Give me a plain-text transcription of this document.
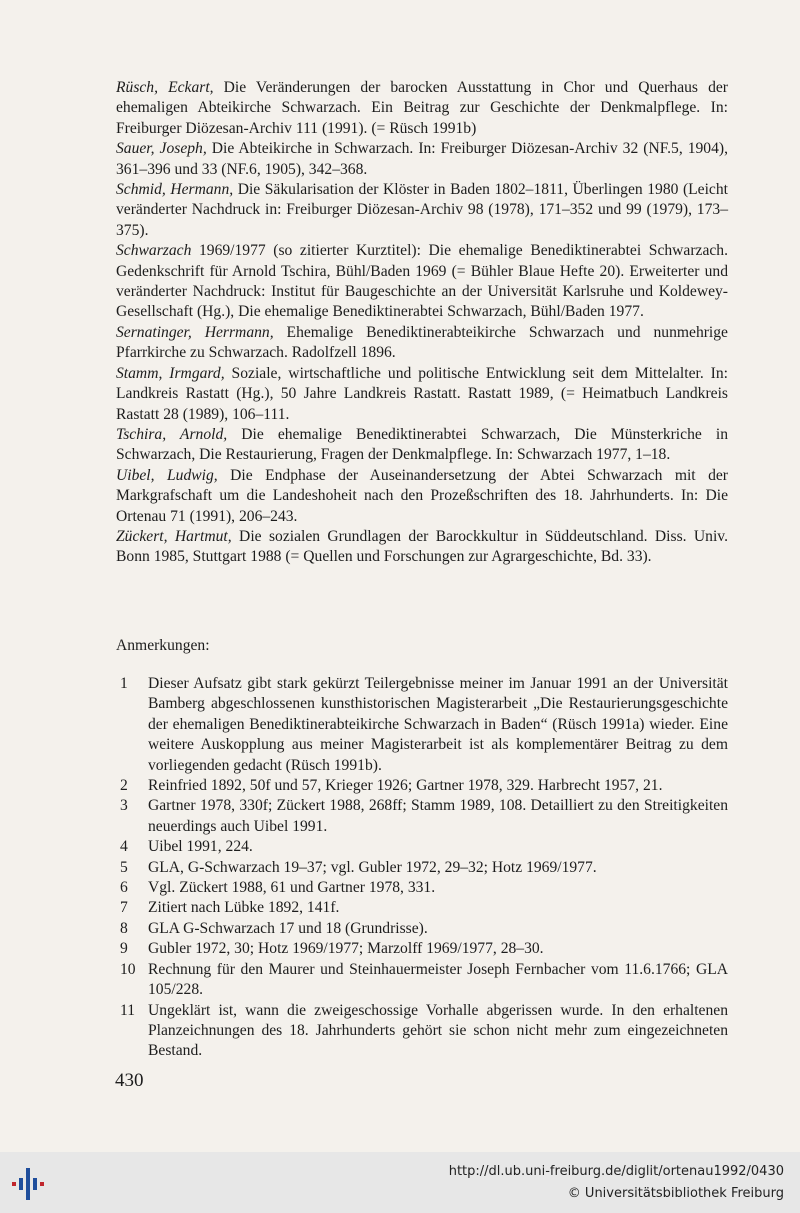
Rüsch, Eckart, Die Veränderungen der barocken Ausstattung in Chor und Querhaus der ehemaligen Abteikirche Schwarzach. Ein Beitrag zur Geschichte der Denkmalpflege. In: Freiburger Diözesan-Archiv 111 (1991). (= Rüsch 1991b)

Sauer, Joseph, Die Abteikirche in Schwarzach. In: Freiburger Diözesan-Archiv 32 (NF.5, 1904), 361–396 und 33 (NF.6, 1905), 342–368.

Schmid, Hermann, Die Säkularisation der Klöster in Baden 1802–1811, Überlingen 1980 (Leicht veränderter Nachdruck in: Freiburger Diözesan-Archiv 98 (1978), 171–352 und 99 (1979), 173–375).

Schwarzach 1969/1977 (so zitierter Kurztitel): Die ehemalige Benediktinerabtei Schwarzach. Gedenkschrift für Arnold Tschira, Bühl/Baden 1969 (= Bühler Blaue Hefte 20). Erweiterter und veränderter Nachdruck: Institut für Baugeschichte an der Universität Karlsruhe und Koldewey-Gesellschaft (Hg.), Die ehemalige Benediktinerabtei Schwarzach, Bühl/Baden 1977.

Sernatinger, Herrmann, Ehemalige Benediktinerabteikirche Schwarzach und nunmehrige Pfarrkirche zu Schwarzach. Radolfzell 1896.

Stamm, Irmgard, Soziale, wirtschaftliche und politische Entwicklung seit dem Mittelalter. In: Landkreis Rastatt (Hg.), 50 Jahre Landkreis Rastatt. Rastatt 1989, (= Heimatbuch Landkreis Rastatt 28 (1989), 106–111.

Tschira, Arnold, Die ehemalige Benediktinerabtei Schwarzach, Die Münsterkriche in Schwarzach, Die Restaurierung, Fragen der Denkmalpflege. In: Schwarzach 1977, 1–18.

Uibel, Ludwig, Die Endphase der Auseinandersetzung der Abtei Schwarzach mit der Markgrafschaft um die Landeshoheit nach den Prozeßschriften des 18. Jahrhunderts. In: Die Ortenau 71 (1991), 206–243.

Zückert, Hartmut, Die sozialen Grundlagen der Barockkultur in Süddeutschland. Diss. Univ. Bonn 1985, Stuttgart 1988 (= Quellen und Forschungen zur Agrargeschichte, Bd. 33).

Anmerkungen:
1	Dieser Aufsatz gibt stark gekürzt Teilergebnisse meiner im Januar 1991 an der Universität Bamberg abgeschlossenen kunsthistorischen Magisterarbeit „Die Restaurierungsgeschichte der ehemaligen Benediktinerabteikirche Schwarzach in Baden“ (Rüsch 1991a) wieder. Eine weitere Auskopplung aus meiner Magisterarbeit ist als komplementärer Beitrag zu dem vorliegenden gedacht (Rüsch 1991b).
2	Reinfried 1892, 50f und 57, Krieger 1926; Gartner 1978, 329. Harbrecht 1957, 21.
3	Gartner 1978, 330f; Zückert 1988, 268ff; Stamm 1989, 108. Detailliert zu den Streitigkeiten neuerdings auch Uibel 1991.
4	Uibel 1991, 224.
5	GLA, G-Schwarzach 19–37; vgl. Gubler 1972, 29–32; Hotz 1969/1977.
6	Vgl. Zückert 1988, 61 und Gartner 1978, 331.
7	Zitiert nach Lübke 1892, 141f.
8	GLA G-Schwarzach 17 und 18 (Grundrisse).
9	Gubler 1972, 30; Hotz 1969/1977; Marzolff 1969/1977, 28–30.
10 Rechnung für den Maurer und Steinhauermeister Joseph Fernbacher vom 11.6.1766; GLA 105/228.
11 Ungeklärt ist, wann die zweigeschossige Vorhalle abgerissen wurde. In den erhaltenen Planzeichnungen des 18. Jahrhunderts gehört sie schon nicht mehr zum eingezeichneten Bestand.
430
http://dl.ub.uni-freiburg.de/diglit/ortenau1992/0430
© Universitätsbibliothek Freiburg
